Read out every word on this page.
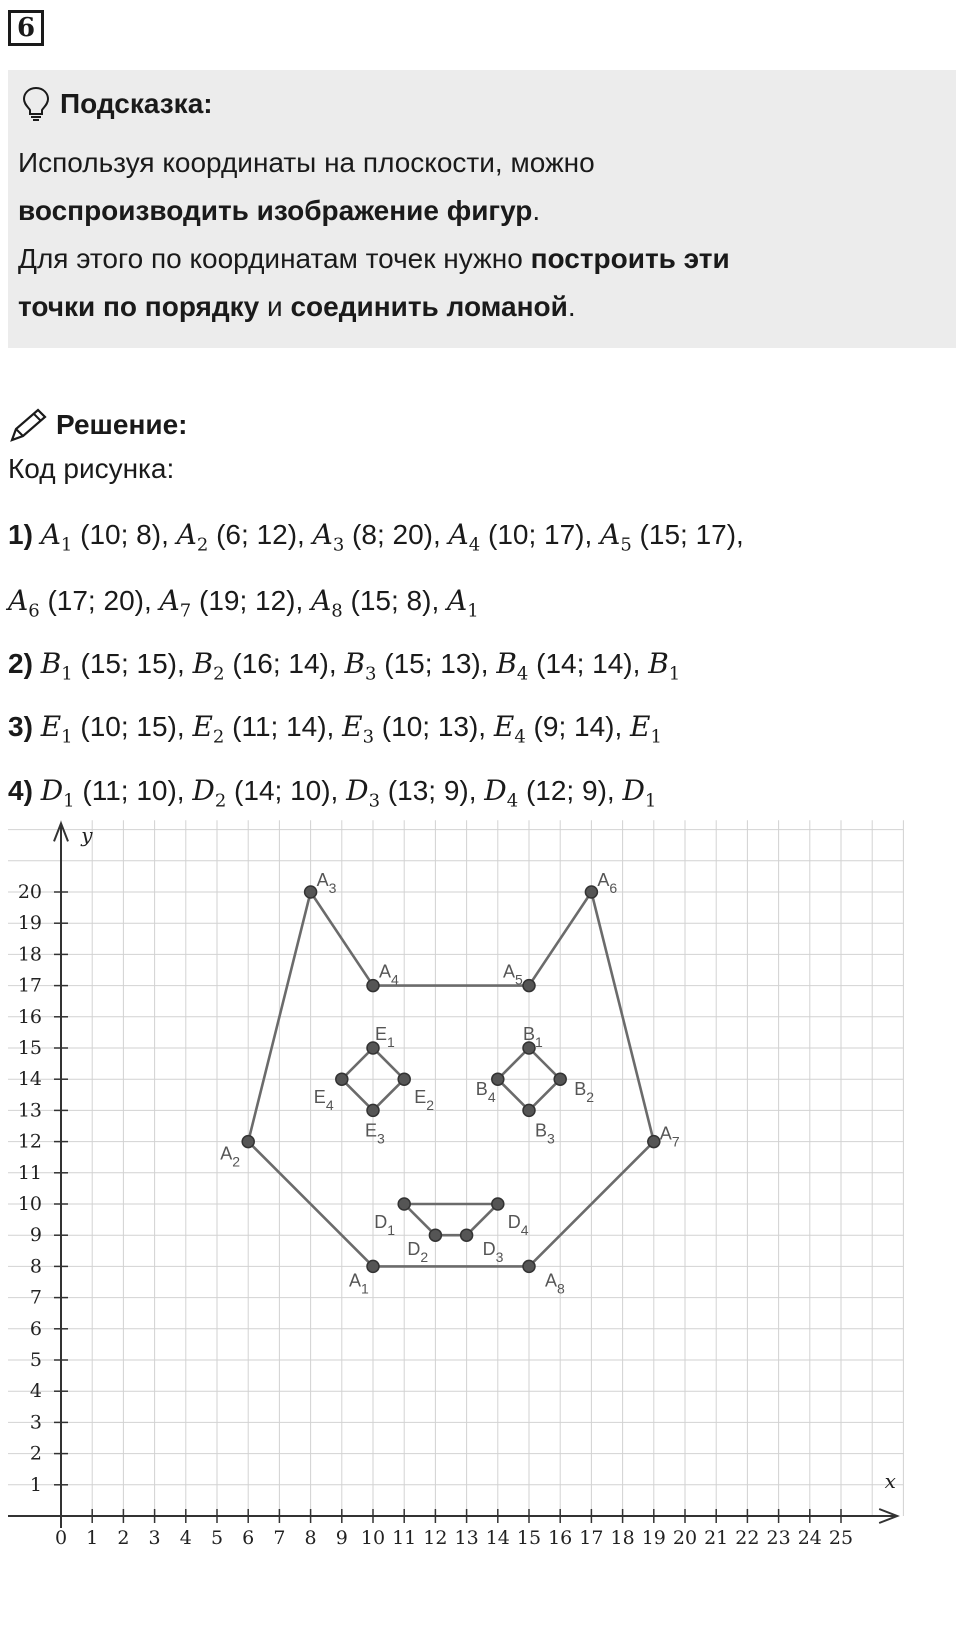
6
Подсказка:
Используя координаты на плоскости, можно
воспроизводить изображение фигур.
Для этого по координатам точек нужно построить эти
точки по порядку и соединить ломаной.
Решение:
Код рисунка:
1) $A_1$ (10; 8), $A_2$ (6; 12), $A_3$ (8; 20), $A_4$ (10; 17), $A_5$ (15; 17),
$A_6$ (17; 20), $A_7$ (19; 12), $A_8$ (15; 8), $A_1$
2) $B_1$ (15; 15), $B_2$ (16; 14), $B_3$ (15; 13), $B_4$ (14; 14), $B_1$
3) $E_1$ (10; 15), $E_2$ (11; 14), $E_3$ (10; 13), $E_4$ (9; 14), $E_1$
4) $D_1$ (11; 10), $D_2$ (14; 10), $D_3$ (13; 9), $D_4$ (12; 9), $D_1$
0 1 2 3 4 5 6 7 8 9 10 11 12 13 14 15 16 17 18 19 20 21 22 23 24 25
1
2
3
4
5
6
7
8
9
10
11
12
13
14
15
16
17
18
19
20
x
y
$A_1$
$A_2$
$A_3$
$A_4$	$A_5$
$A_6$
$A_7$
$A_8$
$B_1$
$B_2$
$B_3$
$B_4$
$E_1$
$E_2$
$E_3$
$E_4$
$D_1$
$D_2$	$D_3$
$D_4$
